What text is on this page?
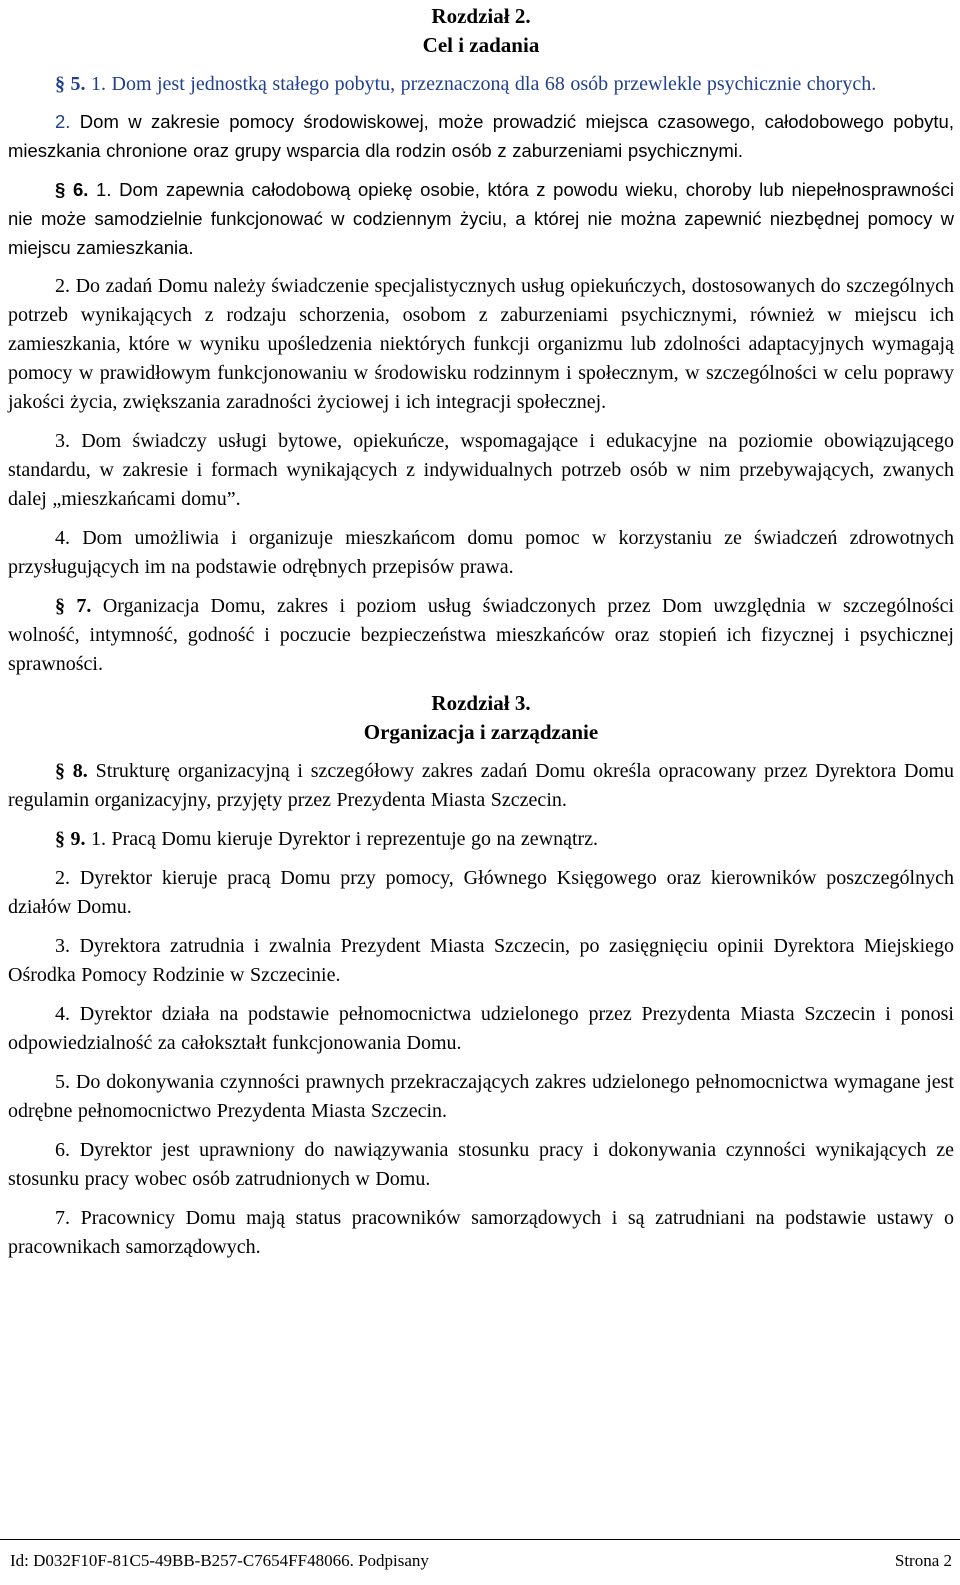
Rozdział 2.

Cel i zadania

§ 5. 1. Dom jest jednostką stałego pobytu, przeznaczoną dla 68 osób przewlekle psychicznie chorych.

2. Dom w zakresie pomocy środowiskowej, może prowadzić miejsca czasowego, całodobowego pobytu, mieszkania chronione oraz grupy wsparcia dla rodzin osób z zaburzeniami psychicznymi.

§ 6. 1. Dom zapewnia całodobową opiekę osobie, która z powodu wieku, choroby lub niepełnosprawności nie może samodzielnie funkcjonować w codziennym życiu, a której nie można zapewnić niezbędnej pomocy w miejscu zamieszkania.

2. Do zadań Domu należy świadczenie specjalistycznych usług opiekuńczych, dostosowanych do szczególnych potrzeb wynikających z rodzaju schorzenia, osobom z zaburzeniami psychicznymi, również w miejscu ich zamieszkania, które w wyniku upośledzenia niektórych funkcji organizmu lub zdolności adaptacyjnych wymagają pomocy w prawidłowym funkcjonowaniu w środowisku rodzinnym i społecznym, w szczególności w celu poprawy jakości życia, zwiększania zaradności życiowej i ich integracji społecznej.

3. Dom świadczy usługi bytowe, opiekuńcze, wspomagające i edukacyjne na poziomie obowiązującego standardu, w zakresie i formach wynikających z indywidualnych potrzeb osób w nim przebywających, zwanych dalej „mieszkańcami domu”.

4. Dom umożliwia i organizuje mieszkańcom domu pomoc w korzystaniu ze świadczeń zdrowotnych przysługujących im na podstawie odrębnych przepisów prawa.

§ 7. Organizacja Domu, zakres i poziom usług świadczonych przez Dom uwzględnia w szczególności wolność, intymność, godność i poczucie bezpieczeństwa mieszkańców oraz stopień ich fizycznej i psychicznej sprawności.

Rozdział 3.

Organizacja i zarządzanie

§ 8. Strukturę organizacyjną i szczegółowy zakres zadań Domu określa opracowany przez Dyrektora Domu regulamin organizacyjny, przyjęty przez Prezydenta Miasta Szczecin.

§ 9. 1. Pracą Domu kieruje Dyrektor i reprezentuje go na zewnątrz.

2. Dyrektor kieruje pracą Domu przy pomocy, Głównego Księgowego oraz kierowników poszczególnych działów Domu.

3. Dyrektora zatrudnia i zwalnia Prezydent Miasta Szczecin, po zasięgnięciu opinii Dyrektora Miejskiego Ośrodka Pomocy Rodzinie w Szczecinie.

4. Dyrektor działa na podstawie pełnomocnictwa udzielonego przez Prezydenta Miasta Szczecin i ponosi odpowiedzialność za całokształt funkcjonowania Domu.

5. Do dokonywania czynności prawnych przekraczających zakres udzielonego pełnomocnictwa wymagane jest odrębne pełnomocnictwo Prezydenta Miasta Szczecin.

6. Dyrektor jest uprawniony do nawiązywania stosunku pracy i dokonywania czynności wynikających ze stosunku pracy wobec osób zatrudnionych w Domu.

7. Pracownicy Domu mają status pracowników samorządowych i są zatrudniani na podstawie ustawy o pracownikach samorządowych.

Id: D032F10F-81C5-49BB-B257-C7654FF48066. Podpisany	Strona 2
